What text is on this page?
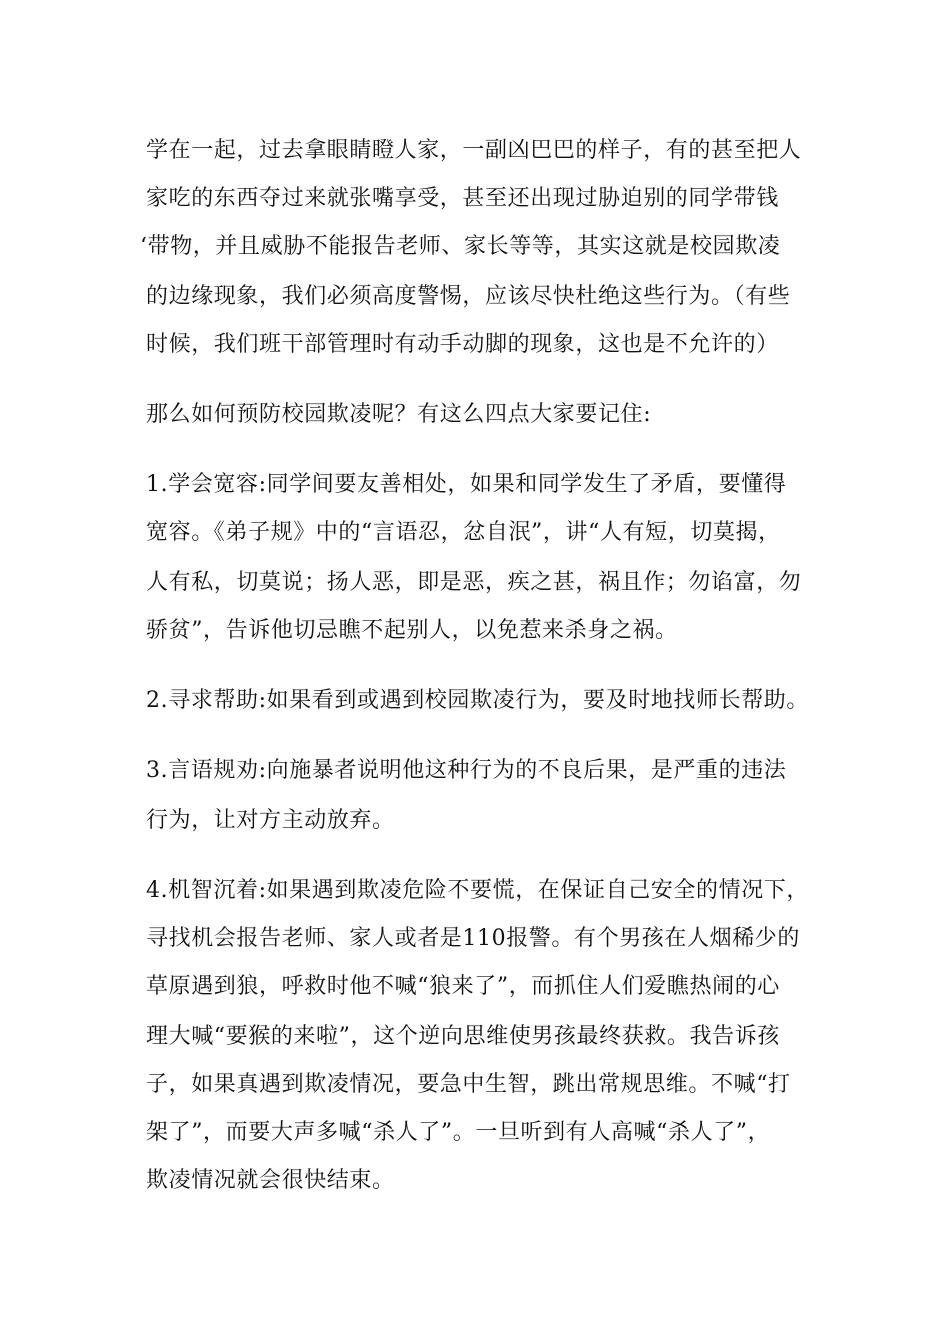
学在一起，过去拿眼睛瞪人家，一副凶巴巴的样子，有的甚至把人
家吃的东西夺过来就张嘴享受，甚至还出现过胁迫别的同学带钱
‘带物，并且威胁不能报告老师、家长等等，其实这就是校园欺凌
的边缘现象，我们必须高度警惕，应该尽快杜绝这些行为。（有些
时候，我们班干部管理时有动手动脚的现象，这也是不允许的）
那么如何预防校园欺凌呢？有这么四点大家要记住:
1.学会宽容:同学间要友善相处，如果和同学发生了矛盾，要懂得
宽容。《弟子规》中的“言语忍，忿自泯”，讲“人有短，切莫揭，
人有私，切莫说；扬人恶，即是恶，疾之甚，祸且作；勿谄富，勿
骄贫”，告诉他切忌瞧不起别人，以免惹来杀身之祸。
2.寻求帮助:如果看到或遇到校园欺凌行为，要及时地找师长帮助。
3.言语规劝:向施暴者说明他这种行为的不良后果，是严重的违法
行为，让对方主动放弃。
4.机智沉着:如果遇到欺凌危险不要慌，在保证自己安全的情况下，
寻找机会报告老师、家人或者是110报警。有个男孩在人烟稀少的
草原遇到狼，呼救时他不喊“狼来了”，而抓住人们爱瞧热闹的心
理大喊“要猴的来啦”，这个逆向思维使男孩最终获救。我告诉孩
子，如果真遇到欺凌情况，要急中生智，跳出常规思维。不喊“打
架了”，而要大声多喊“杀人了”。一旦听到有人高喊“杀人了”，
欺凌情况就会很快结束。
